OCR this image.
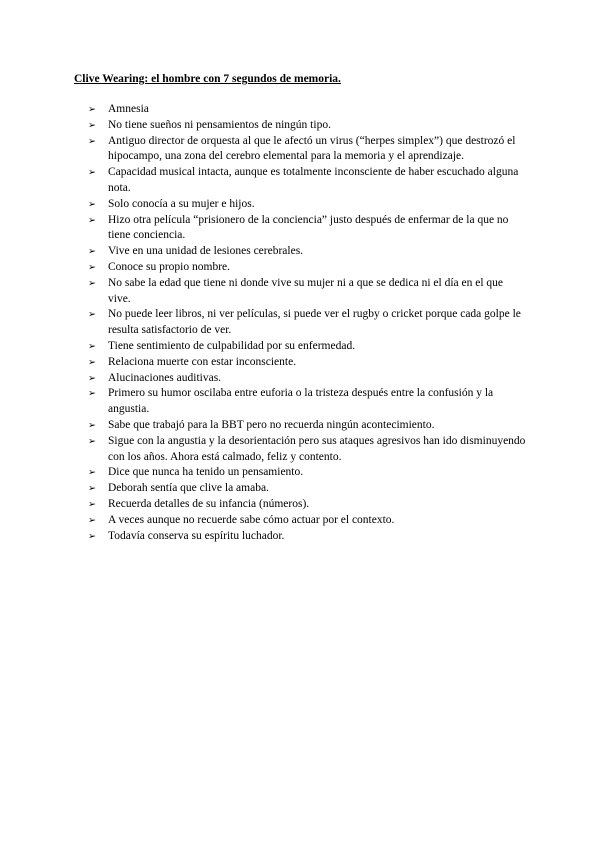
Clive Wearing: el hombre con 7 segundos de memoria.
➢ Amnesia
➢ No tiene sueños ni pensamientos de ningún tipo.
➢ Antiguo director de orquesta al que le afectó un virus (“herpes simplex”) que destrozó el hipocampo, una zona del cerebro elemental para la memoria y el aprendizaje.
➢ Capacidad musical intacta, aunque es totalmente inconsciente de haber escuchado alguna nota.
➢ Solo conocía a su mujer e hijos.
➢ Hizo otra película “prisionero de la conciencia” justo después de enfermar de la que no tiene conciencia.
➢ Vive en una unidad de lesiones cerebrales.
➢ Conoce su propio nombre.
➢ No sabe la edad que tiene ni donde vive su mujer ni a que se dedica ni el día en el que vive.
➢ No puede leer libros, ni ver películas, si puede ver el rugby o cricket porque cada golpe le resulta satisfactorio de ver.
➢ Tiene sentimiento de culpabilidad por su enfermedad.
➢ Relaciona muerte con estar inconsciente.
➢ Alucinaciones auditivas.
➢ Primero su humor oscilaba entre euforia o la tristeza después entre la confusión y la angustia.
➢ Sabe que trabajó para la BBT pero no recuerda ningún acontecimiento.
➢ Sigue con la angustia y la desorientación pero sus ataques agresivos han ido disminuyendo con los años. Ahora está calmado, feliz y contento.
➢ Dice que nunca ha tenido un pensamiento.
➢ Deborah sentía que clive la amaba.
➢ Recuerda detalles de su infancia (números).
➢ A veces aunque no recuerde sabe cómo actuar por el contexto.
➢ Todavía conserva su espíritu luchador.
